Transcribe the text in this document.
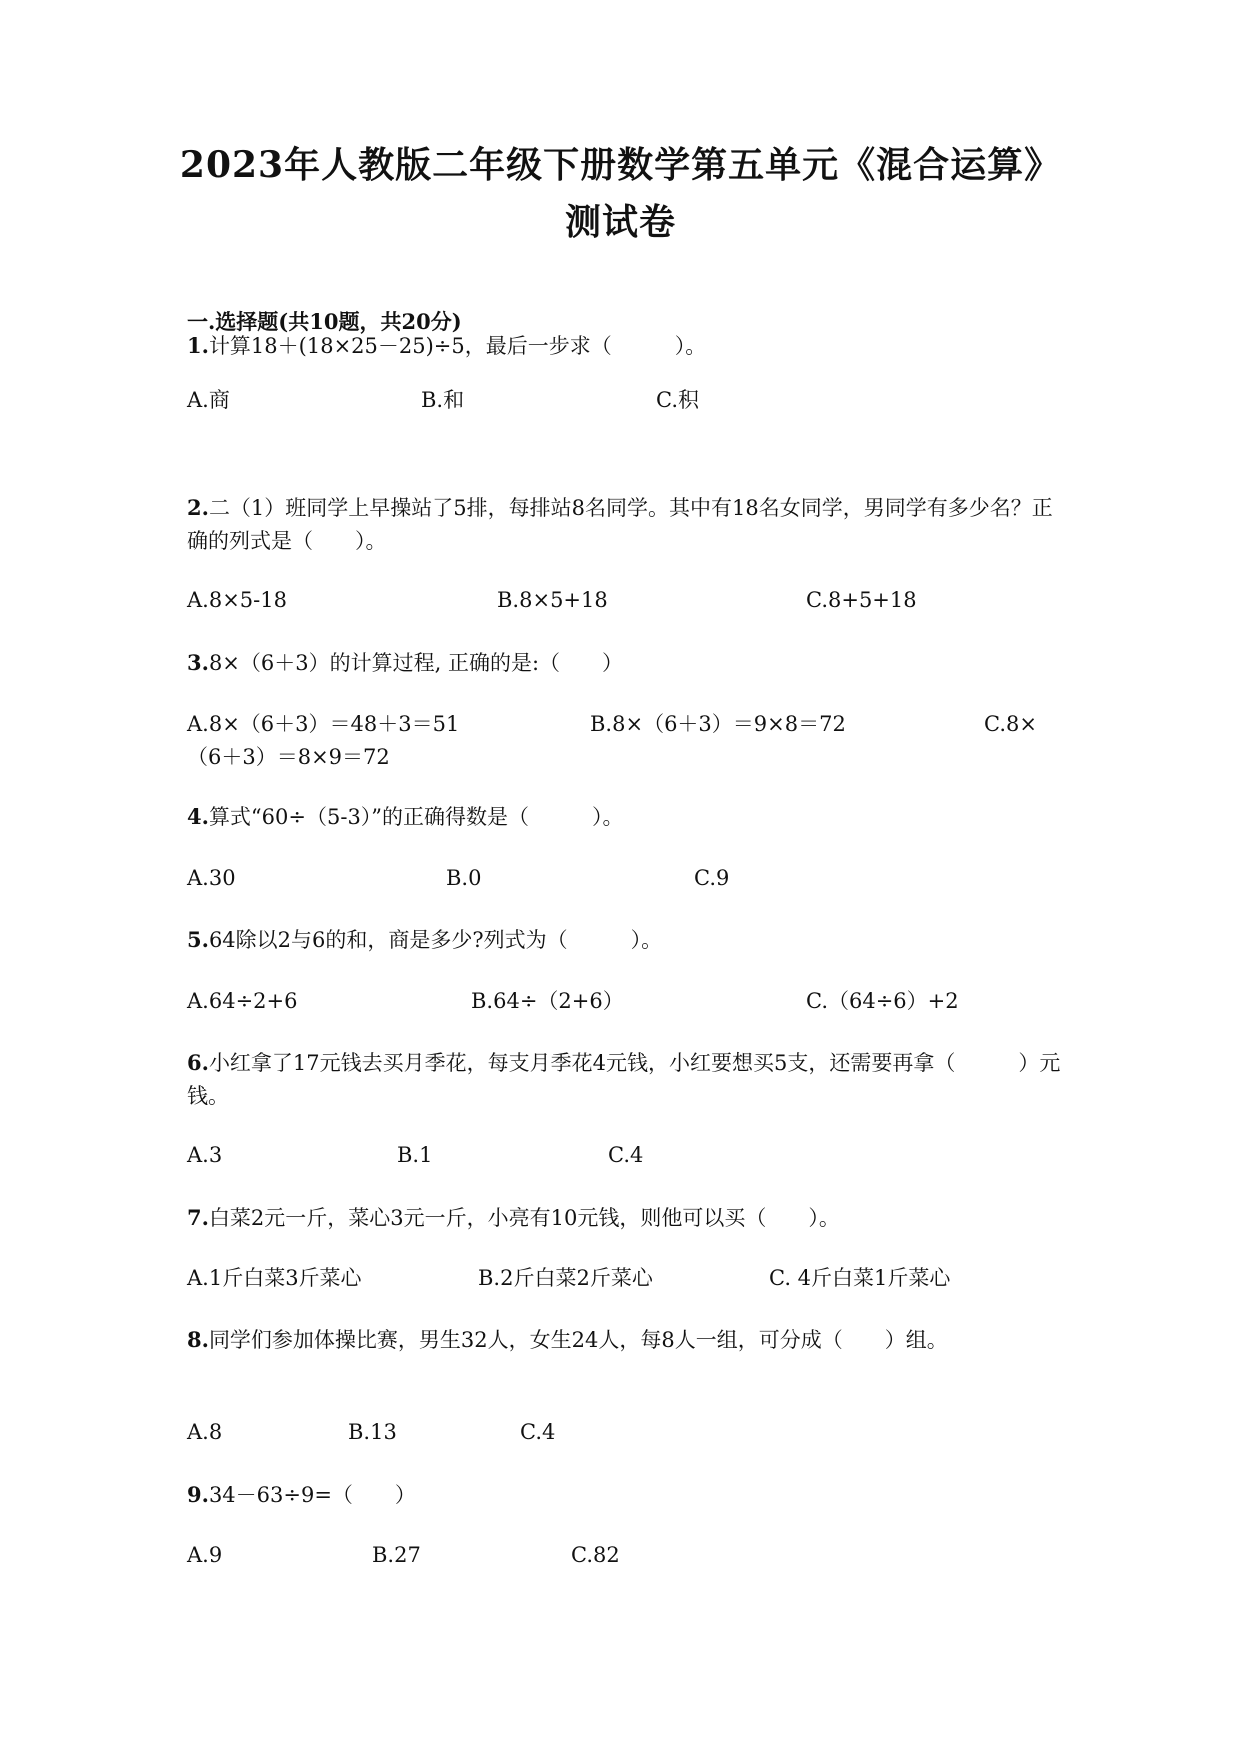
2023年人教版二年级下册数学第五单元《混合运算》
测试卷
一.选择题(共10题，共20分)
1.计算18＋(18×25－25)÷5，最后一步求（　　　）。
A.商	B.和	C.积
2.二（1）班同学上早操站了5排，每排站8名同学。其中有18名女同学，男同学有多少名？正确的列式是（　　）。
A.8×5-18	B.8×5+18	C.8+5+18
3.8×（6＋3）的计算过程, 正确的是:（　　）
A.8×（6＋3）＝48＋3＝51	B.8×（6＋3）＝9×8＝72	C.8×（6＋3）＝8×9＝72
4.算式“60÷（5-3）”的正确得数是（　　　）。
A.30	B.0	C.9
5.64除以2与6的和，商是多少?列式为（　　　）。
A.64÷2+6	B.64÷（2+6）	C.（64÷6）+2
6.小红拿了17元钱去买月季花，每支月季花4元钱，小红要想买5支，还需要再拿（　　　）元钱。
A.3	B.1	C.4
7.白菜2元一斤，菜心3元一斤，小亮有10元钱，则他可以买（　　）。
A.1斤白菜3斤菜心	B.2斤白菜2斤菜心	C. 4斤白菜1斤菜心
8.同学们参加体操比赛，男生32人，女生24人，每8人一组，可分成（　　）组。
A.8	B.13	C.4
9.34－63÷9=（　　）
A.9	B.27	C.82
